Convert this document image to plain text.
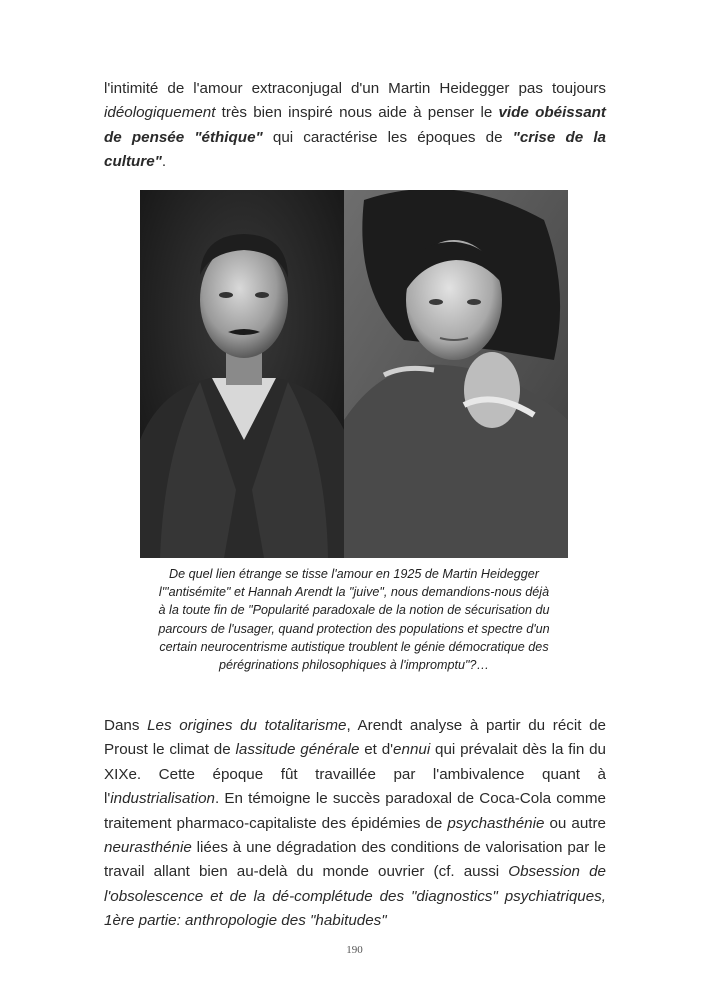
l'intimité de l'amour extraconjugal d'un Martin Heidegger pas toujours idéologiquement très bien inspiré nous aide à penser le vide obéissant de pensée "éthique" qui caractérise les époques de "crise de la culture".

De quel lien étrange se tisse l'amour en 1925 de Martin Heidegger
l'"antisémite" et Hannah Arendt la "juive", nous demandions-nous déjà
à la toute fin de "Popularité paradoxale de la notion de sécurisation du
parcours de l'usager, quand protection des populations et spectre d'un
certain neurocentrisme autistique troublent le génie démocratique des
pérégrinations philosophiques à l'impromptu"?…

Dans Les origines du totalitarisme, Arendt analyse à partir du récit de Proust le climat de lassitude générale et d'ennui qui prévalait dès la fin du XIXe. Cette époque fût travaillée par l'ambivalence quant à l'industrialisation. En témoigne le succès paradoxal de Coca-Cola comme traitement pharmaco-capitaliste des épidémies de psychasthénie ou autre neurasthénie liées à une dégradation des conditions de valorisation par le travail allant bien au-delà du monde ouvrier (cf. aussi Obsession de l'obsolescence et de la dé-complétude des "diagnostics" psychiatriques, 1ère partie: anthropologie des "habitudes"

190
